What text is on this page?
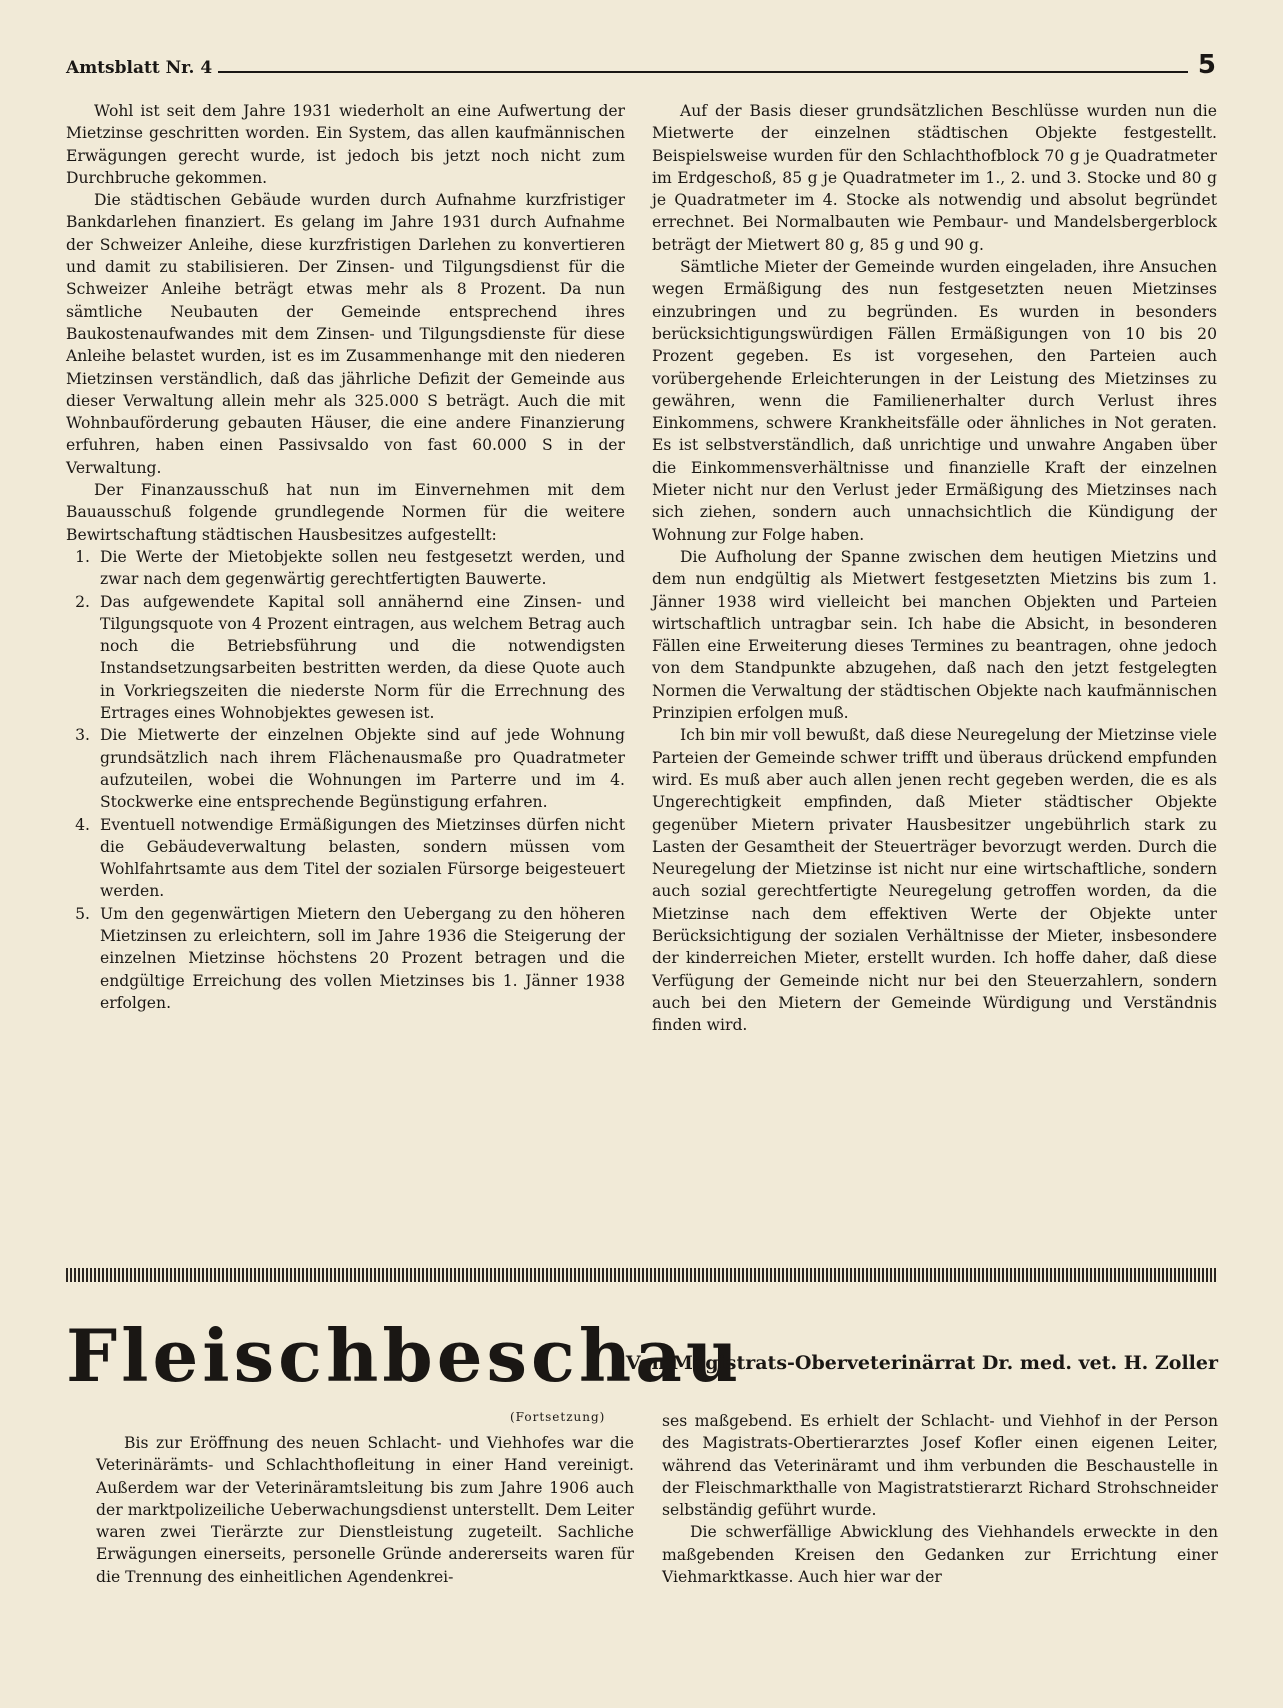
Amtsblatt Nr. 4	5

Wohl ist seit dem Jahre 1931 wiederholt an eine Aufwertung der Mietzinse geschritten worden. Ein System, das allen kaufmännischen Erwägungen gerecht wurde, ist jedoch bis jetzt noch nicht zum Durchbruche gekommen.

Die städtischen Gebäude wurden durch Aufnahme kurzfristiger Bankdarlehen finanziert. Es gelang im Jahre 1931 durch Aufnahme der Schweizer Anleihe, diese kurzfristigen Darlehen zu konvertieren und damit zu stabilisieren. Der Zinsen- und Tilgungsdienst für die Schweizer Anleihe beträgt etwas mehr als 8 Prozent. Da nun sämtliche Neubauten der Gemeinde entsprechend ihres Baukostenaufwandes mit dem Zinsen- und Tilgungsdienste für diese Anleihe belastet wurden, ist es im Zusammenhange mit den niederen Mietzinsen verständlich, daß das jährliche Defizit der Gemeinde aus dieser Verwaltung allein mehr als 325.000 S beträgt. Auch die mit Wohnbauförderung gebauten Häuser, die eine andere Finanzierung erfuhren, haben einen Passivsaldo von fast 60.000 S in der Verwaltung.

Der Finanzausschuß hat nun im Einvernehmen mit dem Bauausschuß folgende grundlegende Normen für die weitere Bewirtschaftung städtischen Hausbesitzes aufgestellt:

1. Die Werte der Mietobjekte sollen neu festgesetzt werden, und zwar nach dem gegenwärtig gerechtfertigten Bauwerte.
2. Das aufgewendete Kapital soll annähernd eine Zinsen- und Tilgungsquote von 4 Prozent eintragen, aus welchem Betrag auch noch die Betriebsführung und die notwendigsten Instandsetzungsarbeiten bestritten werden, da diese Quote auch in Vorkriegszeiten die niederste Norm für die Errechnung des Ertrages eines Wohnobjektes gewesen ist.
3. Die Mietwerte der einzelnen Objekte sind auf jede Wohnung grundsätzlich nach ihrem Flächenausmaße pro Quadratmeter aufzuteilen, wobei die Wohnungen im Parterre und im 4. Stockwerke eine entsprechende Begünstigung erfahren.
4. Eventuell notwendige Ermäßigungen des Mietzinses dürfen nicht die Gebäudeverwaltung belasten, sondern müssen vom Wohlfahrtsamte aus dem Titel der sozialen Fürsorge beigesteuert werden.
5. Um den gegenwärtigen Mietern den Uebergang zu den höheren Mietzinsen zu erleichtern, soll im Jahre 1936 die Steigerung der einzelnen Mietzinse höchstens 20 Prozent betragen und die endgültige Erreichung des vollen Mietzinses bis 1. Jänner 1938 erfolgen.

Auf der Basis dieser grundsätzlichen Beschlüsse wurden nun die Mietwerte der einzelnen städtischen Objekte festgestellt. Beispielsweise wurden für den Schlachthofblock 70 g je Quadratmeter im Erdgeschoß, 85 g je Quadratmeter im 1., 2. und 3. Stocke und 80 g je Quadratmeter im 4. Stocke als notwendig und absolut begründet errechnet. Bei Normalbauten wie Pembaur- und Mandelsbergerblock beträgt der Mietwert 80 g, 85 g und 90 g.

Sämtliche Mieter der Gemeinde wurden eingeladen, ihre Ansuchen wegen Ermäßigung des nun festgesetzten neuen Mietzinses einzubringen und zu begründen. Es wurden in besonders berücksichtigungswürdigen Fällen Ermäßigungen von 10 bis 20 Prozent gegeben. Es ist vorgesehen, den Parteien auch vorübergehende Erleichterungen in der Leistung des Mietzinses zu gewähren, wenn die Familienerhalter durch Verlust ihres Einkommens, schwere Krankheitsfälle oder ähnliches in Not geraten. Es ist selbstverständlich, daß unrichtige und unwahre Angaben über die Einkommensverhältnisse und finanzielle Kraft der einzelnen Mieter nicht nur den Verlust jeder Ermäßigung des Mietzinses nach sich ziehen, sondern auch unnachsichtlich die Kündigung der Wohnung zur Folge haben.

Die Aufholung der Spanne zwischen dem heutigen Mietzins und dem nun endgültig als Mietwert festgesetzten Mietzins bis zum 1. Jänner 1938 wird vielleicht bei manchen Objekten und Parteien wirtschaftlich untragbar sein. Ich habe die Absicht, in besonderen Fällen eine Erweiterung dieses Termines zu beantragen, ohne jedoch von dem Standpunkte abzugehen, daß nach den jetzt festgelegten Normen die Verwaltung der städtischen Objekte nach kaufmännischen Prinzipien erfolgen muß.

Ich bin mir voll bewußt, daß diese Neuregelung der Mietzinse viele Parteien der Gemeinde schwer trifft und überaus drückend empfunden wird. Es muß aber auch allen jenen recht gegeben werden, die es als Ungerechtigkeit empfinden, daß Mieter städtischer Objekte gegenüber Mietern privater Hausbesitzer ungebührlich stark zu Lasten der Gesamtheit der Steuerträger bevorzugt werden. Durch die Neuregelung der Mietzinse ist nicht nur eine wirtschaftliche, sondern auch sozial gerechtfertigte Neuregelung getroffen worden, da die Mietzinse nach dem effektiven Werte der Objekte unter Berücksichtigung der sozialen Verhältnisse der Mieter, insbesondere der kinderreichen Mieter, erstellt wurden. Ich hoffe daher, daß diese Verfügung der Gemeinde nicht nur bei den Steuerzahlern, sondern auch bei den Mietern der Gemeinde Würdigung und Verständnis finden wird.

Fleischbeschau
Von Magistrats-Oberveterinärrat Dr. med. vet. H. Zoller
(Fortsetzung)

Bis zur Eröffnung des neuen Schlacht- und Viehhofes war die Veterinärämts- und Schlachthofleitung in einer Hand vereinigt. Außerdem war der Veterinäramtsleitung bis zum Jahre 1906 auch der marktpolizeiliche Ueberwachungsdienst unterstellt. Dem Leiter waren zwei Tierärzte zur Dienstleistung zugeteilt. Sachliche Erwägungen einerseits, personelle Gründe andererseits waren für die Trennung des einheitlichen Agendenkrei-

ses maßgebend. Es erhielt der Schlacht- und Viehhof in der Person des Magistrats-Obertierarztes Josef Kofler einen eigenen Leiter, während das Veterinäramt und ihm verbunden die Beschaustelle in der Fleischmarkthalle von Magistratstierarzt Richard Strohschneider selbständig geführt wurde.

Die schwerfällige Abwicklung des Viehhandels erweckte in den maßgebenden Kreisen den Gedanken zur Errichtung einer Viehmarktkasse. Auch hier war der
